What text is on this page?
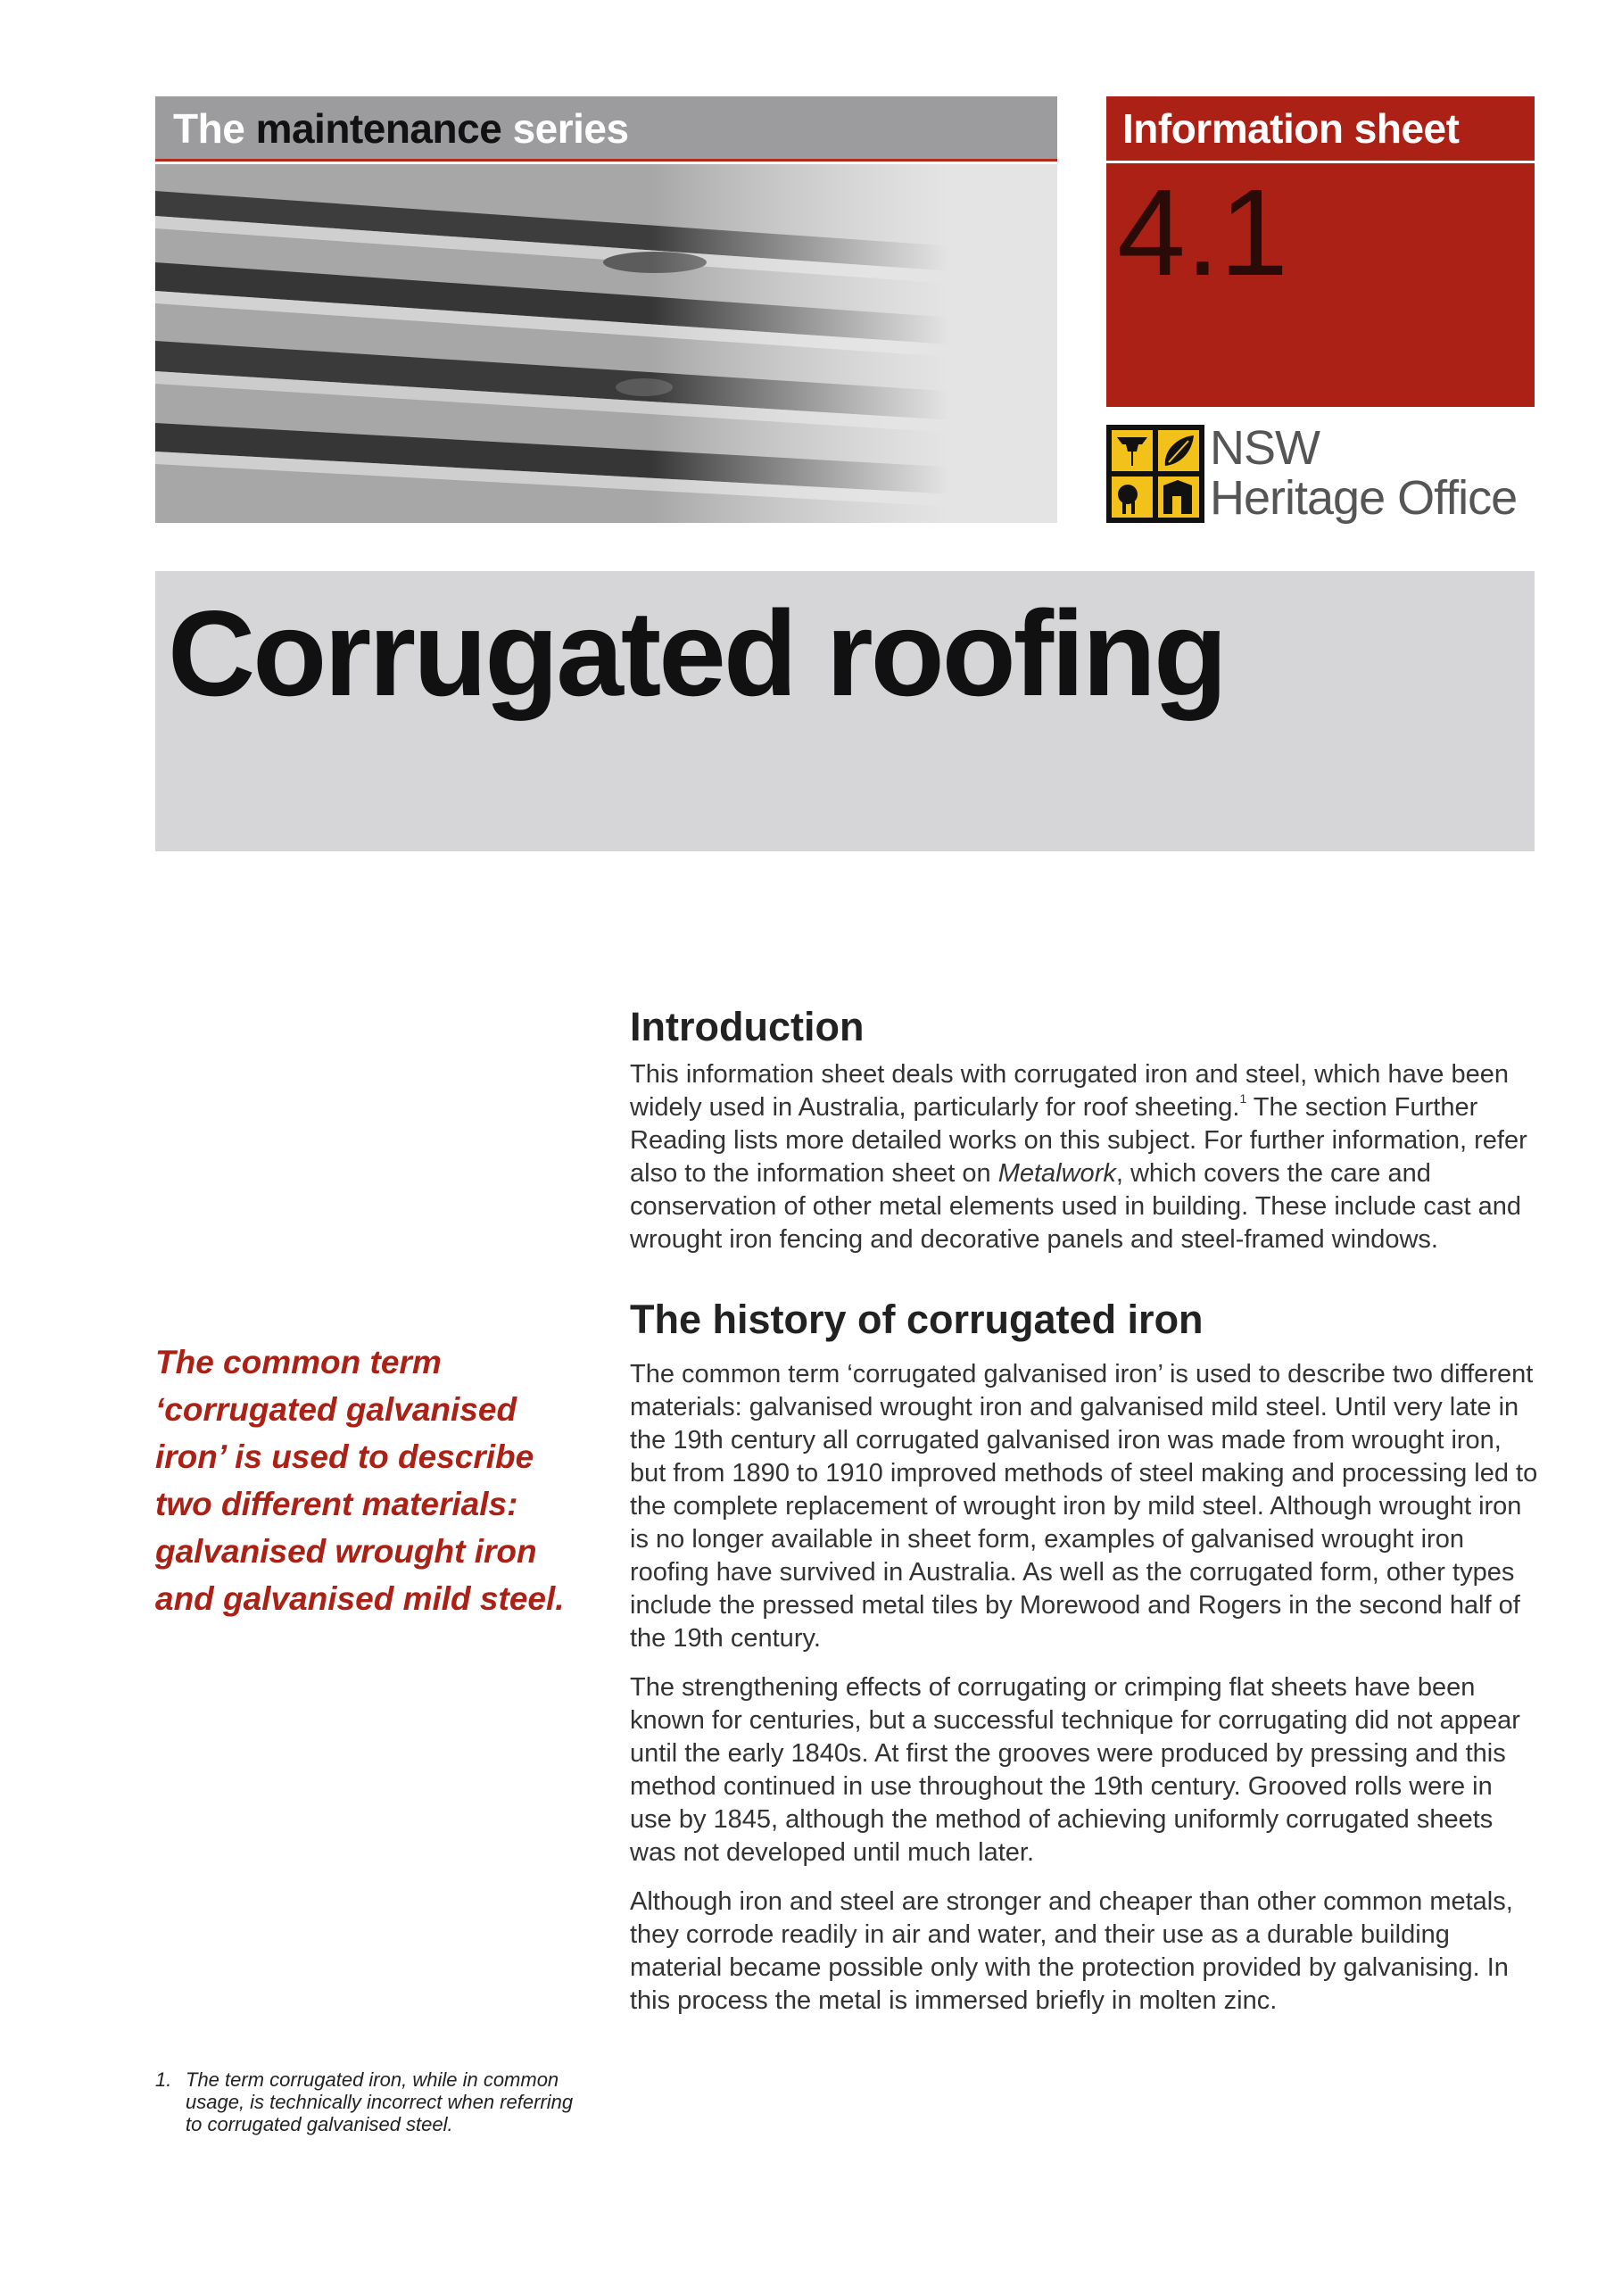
The maintenance series	Information sheet
4.1
NSW
Heritage Office
Corrugated roofing
Introduction

This information sheet deals with corrugated iron and steel, which have been widely used in Australia, particularly for roof sheeting.$^1$ The section Further Reading lists more detailed works on this subject. For further information, refer also to the information sheet on Metalwork, which covers the care and conservation of other metal elements used in building. These include cast and wrought iron fencing and decorative panels and steel-framed windows.

The history of corrugated iron

The common term ‘corrugated galvanised iron’ is used to describe two different materials: galvanised wrought iron and galvanised mild steel. Until very late in the 19th century all corrugated galvanised iron was made from wrought iron, but from 1890 to 1910 improved methods of steel making and processing led to the complete replacement of wrought iron by mild steel. Although wrought iron is no longer available in sheet form, examples of galvanised wrought iron roofing have survived in Australia. As well as the corrugated form, other types include the pressed metal tiles by Morewood and Rogers in the second half of the 19th century.

The strengthening effects of corrugating or crimping flat sheets have been known for centuries, but a successful technique for corrugating did not appear until the early 1840s. At first the grooves were produced by pressing and this method continued in use throughout the 19th century. Grooved rolls were in use by 1845, although the method of achieving uniformly corrugated sheets was not developed until much later.

Although iron and steel are stronger and cheaper than other common metals, they corrode readily in air and water, and their use as a durable building material became possible only with the protection provided by galvanising. In this process the metal is immersed briefly in molten zinc.

The common term ‘corrugated galvanised iron’ is used to describe two different materials: galvanised wrought iron and galvanised mild steel.

1. The term corrugated iron, while in common usage, is technically incorrect when referring to corrugated galvanised steel.
